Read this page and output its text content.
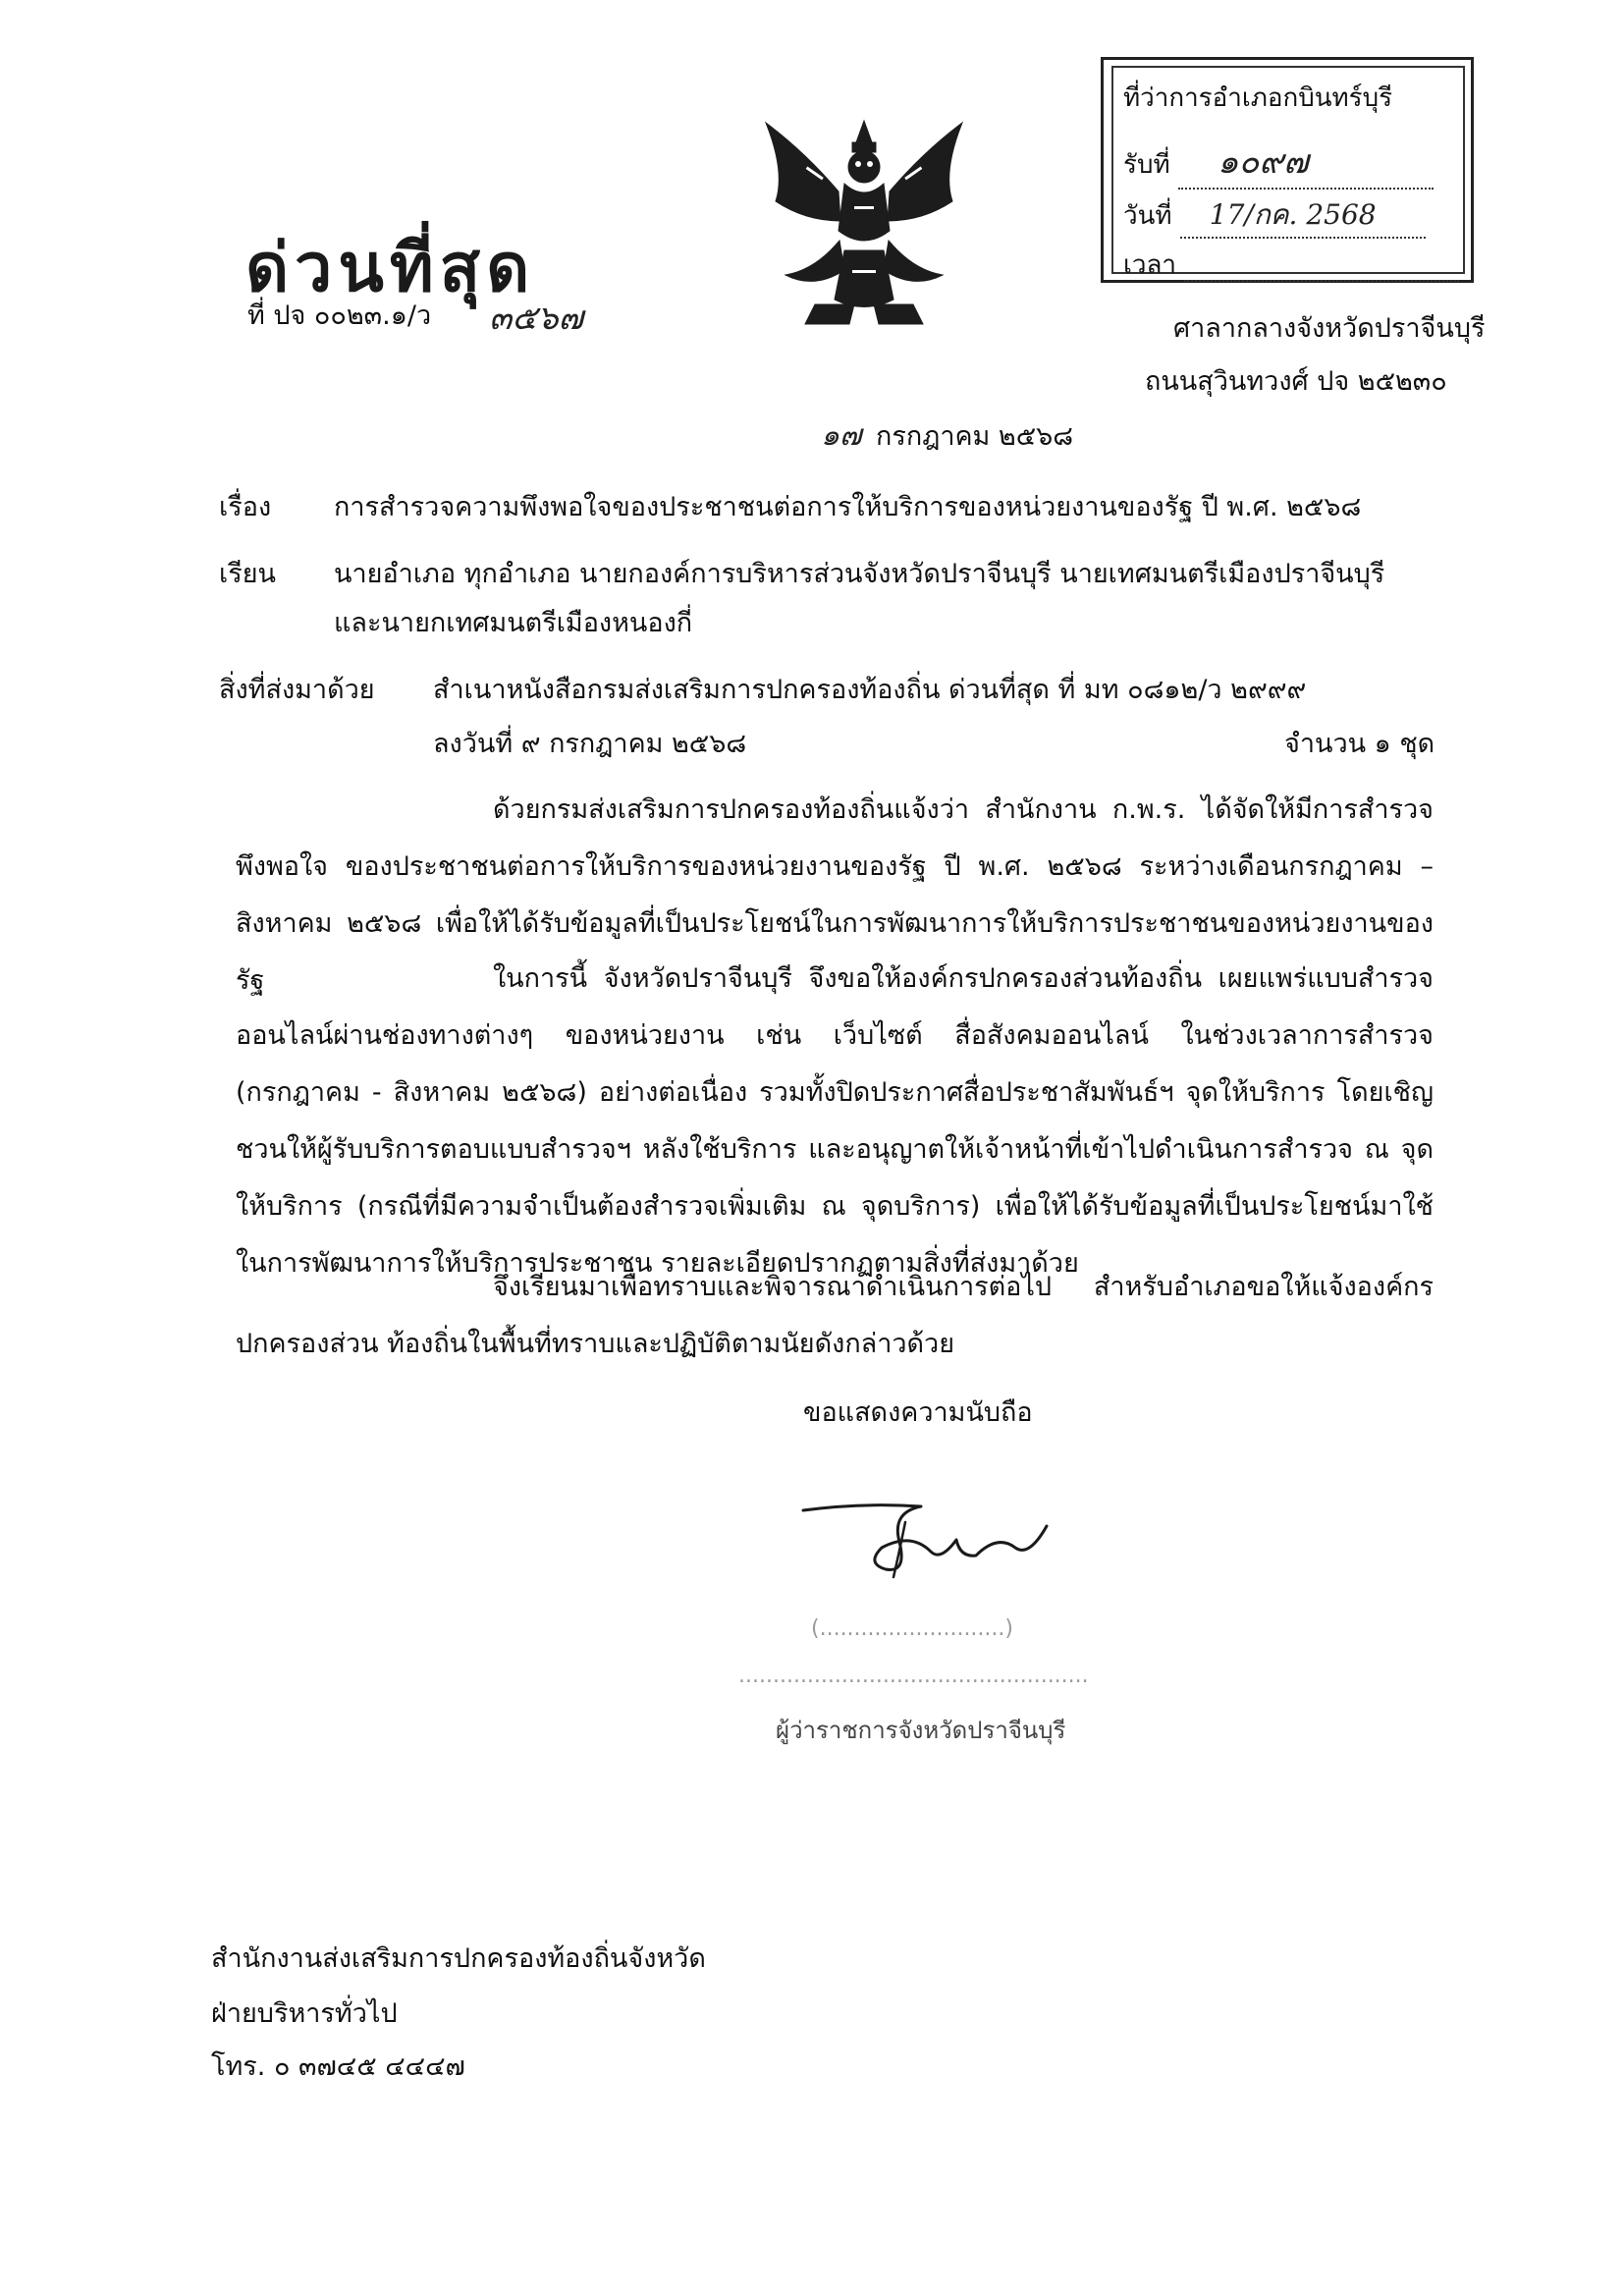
ที่ว่าการอำเภอกบินทร์บุรี
รับที่ ๑๐๙๗
วันที่ 17/กค. 2568
เวลา
ด่วนที่สุด
ที่ ปจ ๐๐๒๓.๑/ว ๓๕๖๗	ศาลากลางจังหวัดปราจีนบุรี
ถนนสุวินทวงศ์ ปจ ๒๕๒๓๐
๑๗ กรกฎาคม ๒๕๖๘
เรื่อง การสำรวจความพึงพอใจของประชาชนต่อการให้บริการของหน่วยงานของรัฐ ปี พ.ศ. ๒๕๖๘
เรียน นายอำเภอ ทุกอำเภอ นายกองค์การบริหารส่วนจังหวัดปราจีนบุรี นายเทศมนตรีเมืองปราจีนบุรี
และนายกเทศมนตรีเมืองหนองกี่
สิ่งที่ส่งมาด้วย สำเนาหนังสือกรมส่งเสริมการปกครองท้องถิ่น ด่วนที่สุด ที่ มท ๐๘๑๒/ว ๒๙๙๙
ลงวันที่ ๙ กรกฎาคม ๒๕๖๘	จำนวน ๑ ชุด
ด้วยกรมส่งเสริมการปกครองท้องถิ่นแจ้งว่า สำนักงาน ก.พ.ร. ได้จัดให้มีการสำรวจพึงพอใจ ของประชาชนต่อการให้บริการของหน่วยงานของรัฐ ปี พ.ศ. ๒๕๖๘ ระหว่างเดือนกรกฎาคม – สิงหาคม ๒๕๖๘ เพื่อให้ได้รับข้อมูลที่เป็นประโยชน์ในการพัฒนาการให้บริการประชาชนของหน่วยงานของรัฐ	ในการนี้ จังหวัดปราจีนบุรี จึงขอให้องค์กรปกครองส่วนท้องถิ่น เผยแพร่แบบสำรวจ ออนไลน์ผ่านช่องทางต่างๆ ของหน่วยงาน เช่น เว็บไซต์ สื่อสังคมออนไลน์ ในช่วงเวลาการสำรวจ (กรกฎาคม - สิงหาคม ๒๕๖๘) อย่างต่อเนื่อง รวมทั้งปิดประกาศสื่อประชาสัมพันธ์ฯ จุดให้บริการ โดยเชิญชวนให้ผู้รับบริการตอบแบบสำรวจฯ หลังใช้บริการ และอนุญาตให้เจ้าหน้าที่เข้าไปดำเนินการสำรวจ ณ จุดให้บริการ (กรณีที่มีความจำเป็นต้องสำรวจเพิ่มเติม ณ จุดบริการ) เพื่อให้ได้รับข้อมูลที่เป็นประโยชน์มาใช้ในการพัฒนาการให้บริการประชาชน รายละเอียดปรากฏตามสิ่งที่ส่งมาด้วย
จึงเรียนมาเพื่อทราบและพิจารณาดำเนินการต่อไป สำหรับอำเภอขอให้แจ้งองค์กรปกครองส่วน ท้องถิ่นในพื้นที่ทราบและปฏิบัติตามนัยดังกล่าวด้วย
ขอแสดงความนับถือ
(...........................)
...................................................
ผู้ว่าราชการจังหวัดปราจีนบุรี
สำนักงานส่งเสริมการปกครองท้องถิ่นจังหวัด
ฝ่ายบริหารทั่วไป
โทร. ๐ ๓๗๔๕ ๔๔๔๗
